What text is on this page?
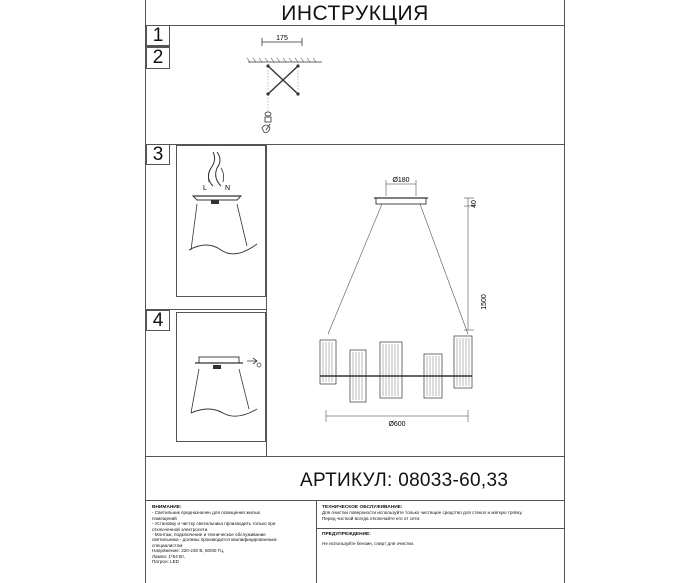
ИНСТРУКЦИЯ
1
2
175
3
L	N
4
Ø180
40
1500
Ø600
АРТИКУЛ: 08033-60,33
ВНИМАНИЕ:
- Светильник предназначен для освещения жилых
помещений
- Установку и чистку светильника производить только при
отключенной электросети.
- Монтаж, подключение и техническое обслуживание
светильника - должны производится квалифицированным
специалистом
Напряжение: 220-230 В, 50/60 Гц,
Лампа: 1*54 Вт,
Патрон: LED
ТЕХНИЧЕСКОЕ ОБСЛУЖИВАНИЕ:
Для очистки поверхности используйте только чистящее средство для стекол и мягкую тряпку.
Перед чисткой всегда отключайте его от сети.
ПРЕДУПРЕЖДЕНИЕ:
Не используйте бензин, спирт для очистки.
